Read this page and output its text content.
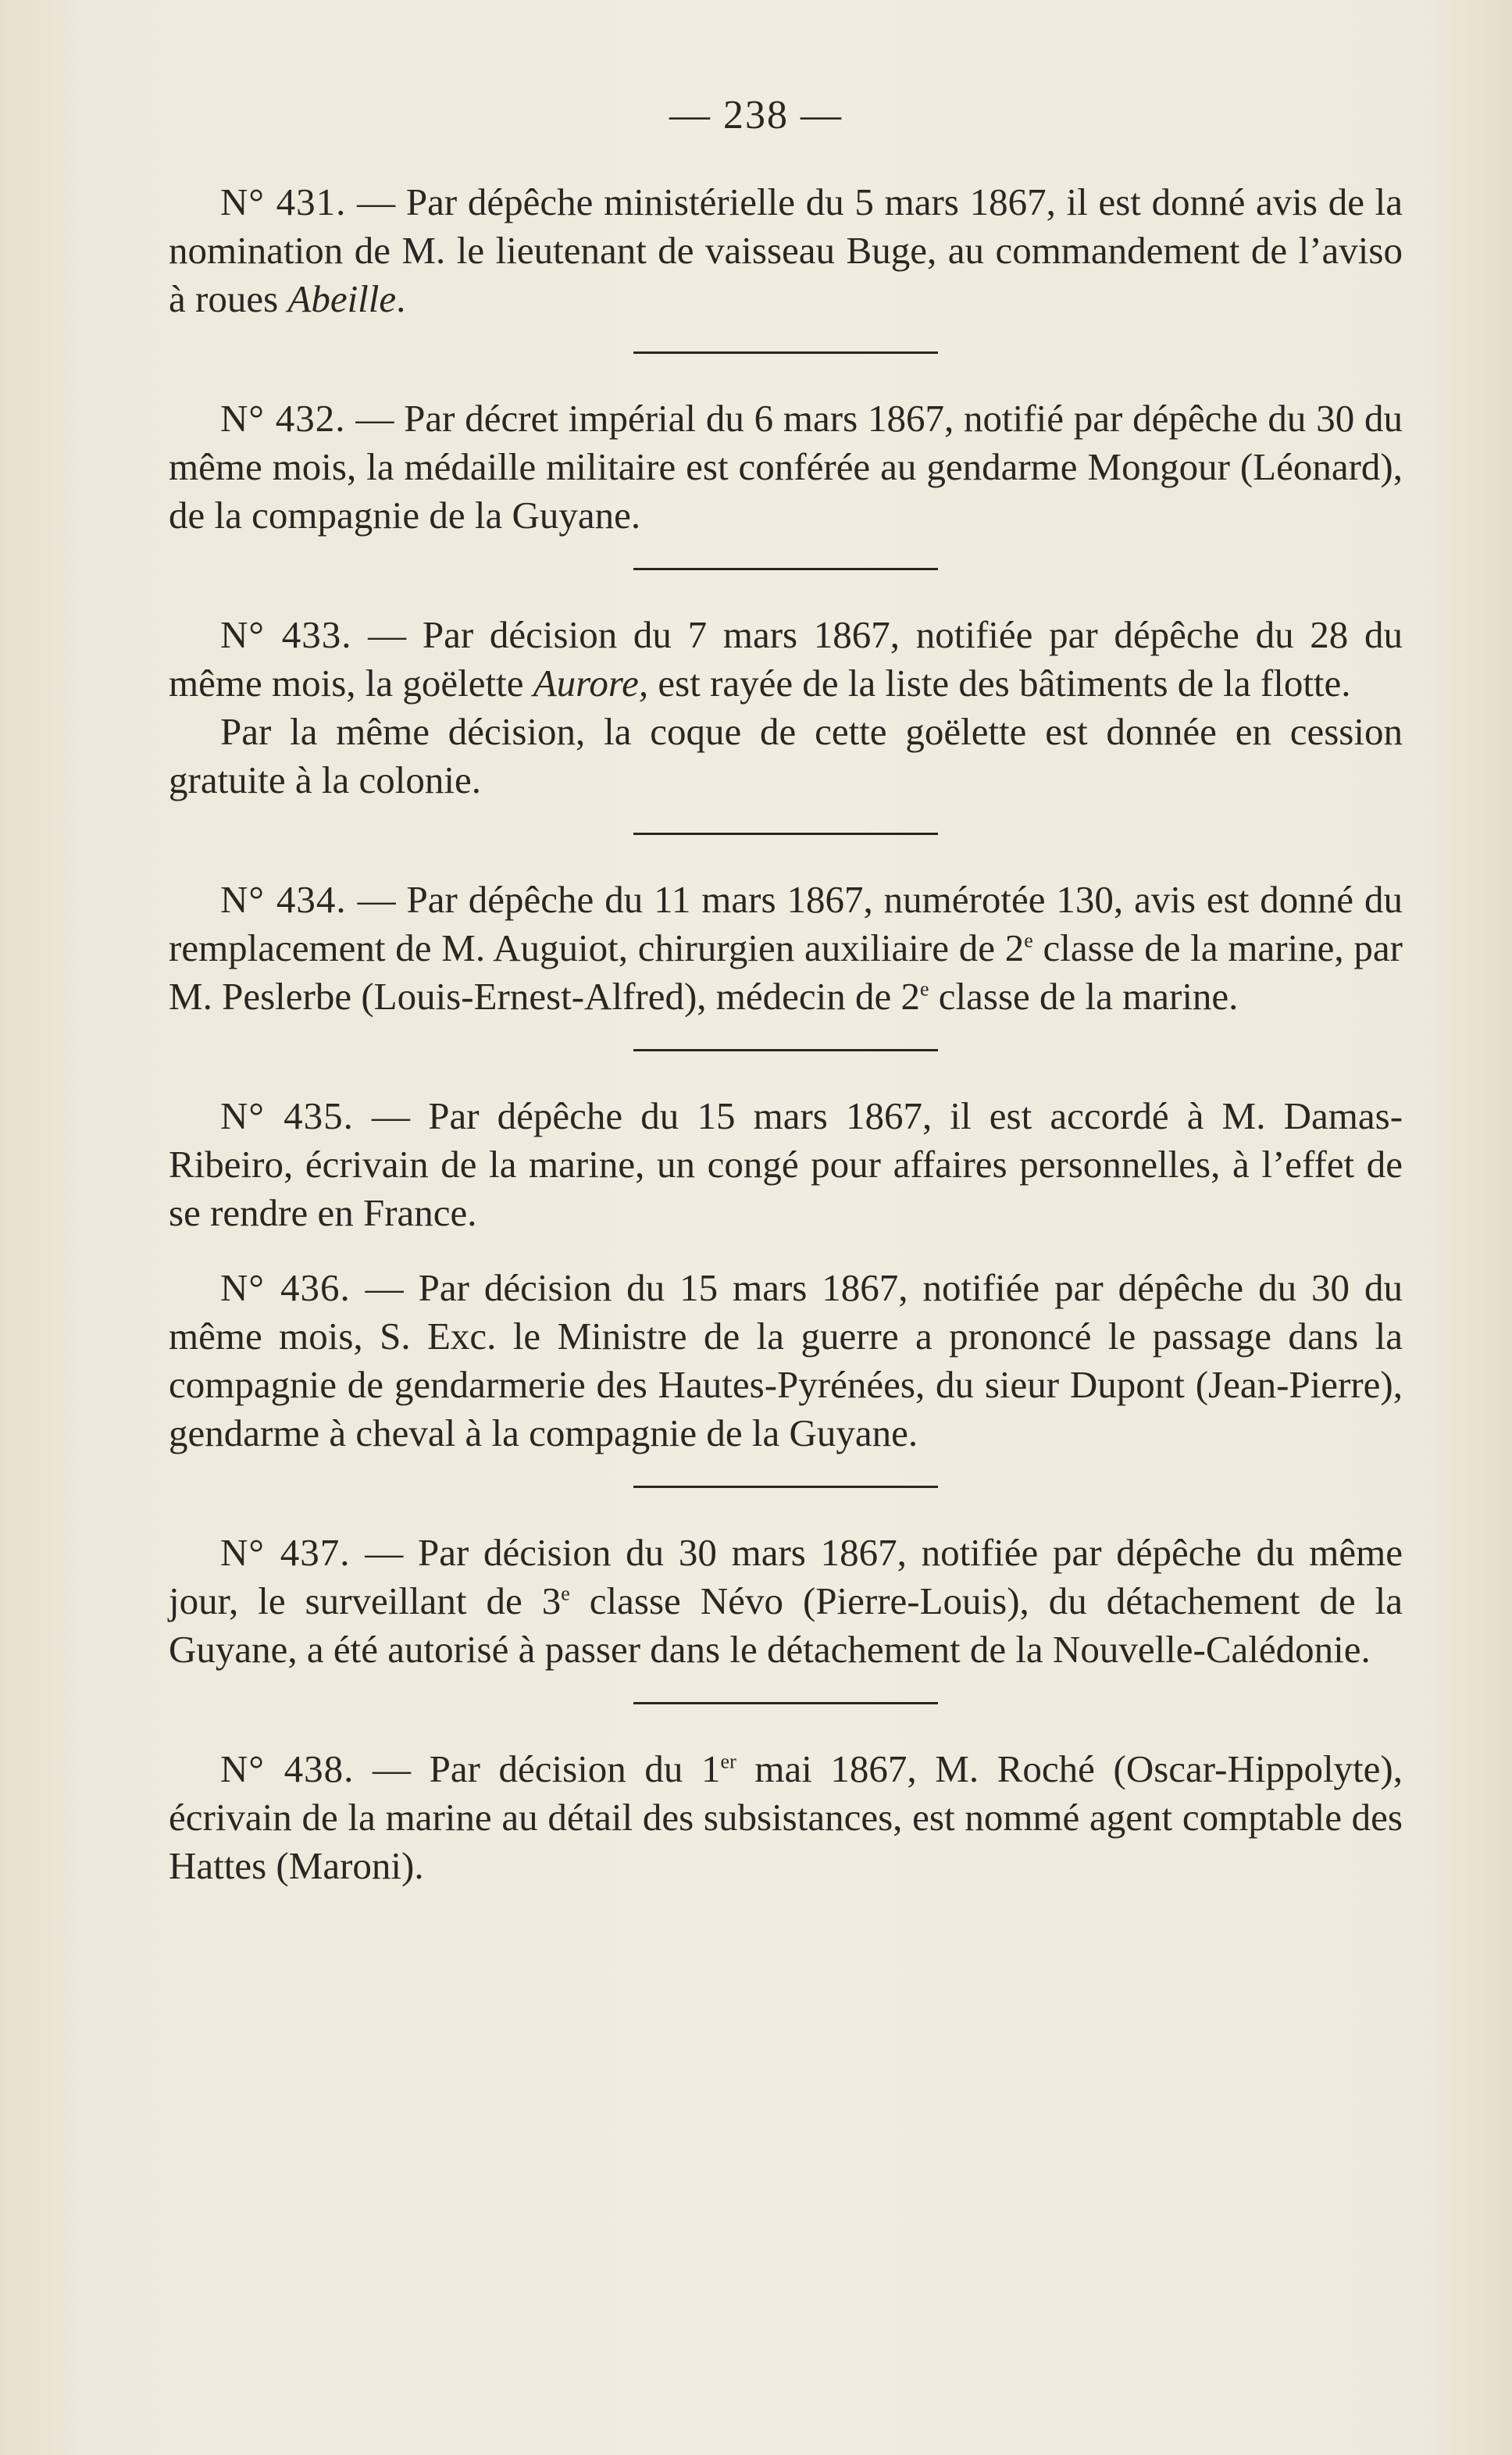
— 238 —

N° 431. — Par dépêche ministérielle du 5 mars 1867, il est donné avis de la nomination de M. le lieutenant de vaisseau Buge, au commandement de l’aviso à roues Abeille.

N° 432. — Par décret impérial du 6 mars 1867, notifié par dépêche du 30 du même mois, la médaille militaire est conférée au gendarme Mongour (Léonard), de la compagnie de la Guyane.

N° 433. — Par décision du 7 mars 1867, notifiée par dépêche du 28 du même mois, la goëlette Aurore, est rayée de la liste des bâtiments de la flotte.

Par la même décision, la coque de cette goëlette est donnée en cession gratuite à la colonie.

N° 434. — Par dépêche du 11 mars 1867, numérotée 130, avis est donné du remplacement de M. Auguiot, chirurgien auxiliaire de 2e classe de la marine, par M. Peslerbe (Louis-Ernest-Alfred), médecin de 2e classe de la marine.

N° 435. — Par dépêche du 15 mars 1867, il est accordé à M. Damas-Ribeiro, écrivain de la marine, un congé pour affaires personnelles, à l’effet de se rendre en France.

N° 436. — Par décision du 15 mars 1867, notifiée par dépêche du 30 du même mois, S. Exc. le Ministre de la guerre a prononcé le passage dans la compagnie de gendarmerie des Hautes-Pyrénées, du sieur Dupont (Jean-Pierre), gendarme à cheval à la compagnie de la Guyane.

N° 437. — Par décision du 30 mars 1867, notifiée par dépêche du même jour, le surveillant de 3e classe Névo (Pierre-Louis), du détachement de la Guyane, a été autorisé à passer dans le détachement de la Nouvelle-Calédonie.

N° 438. — Par décision du 1er mai 1867, M. Roché (Oscar-Hippolyte), écrivain de la marine au détail des subsistances, est nommé agent comptable des Hattes (Maroni).
